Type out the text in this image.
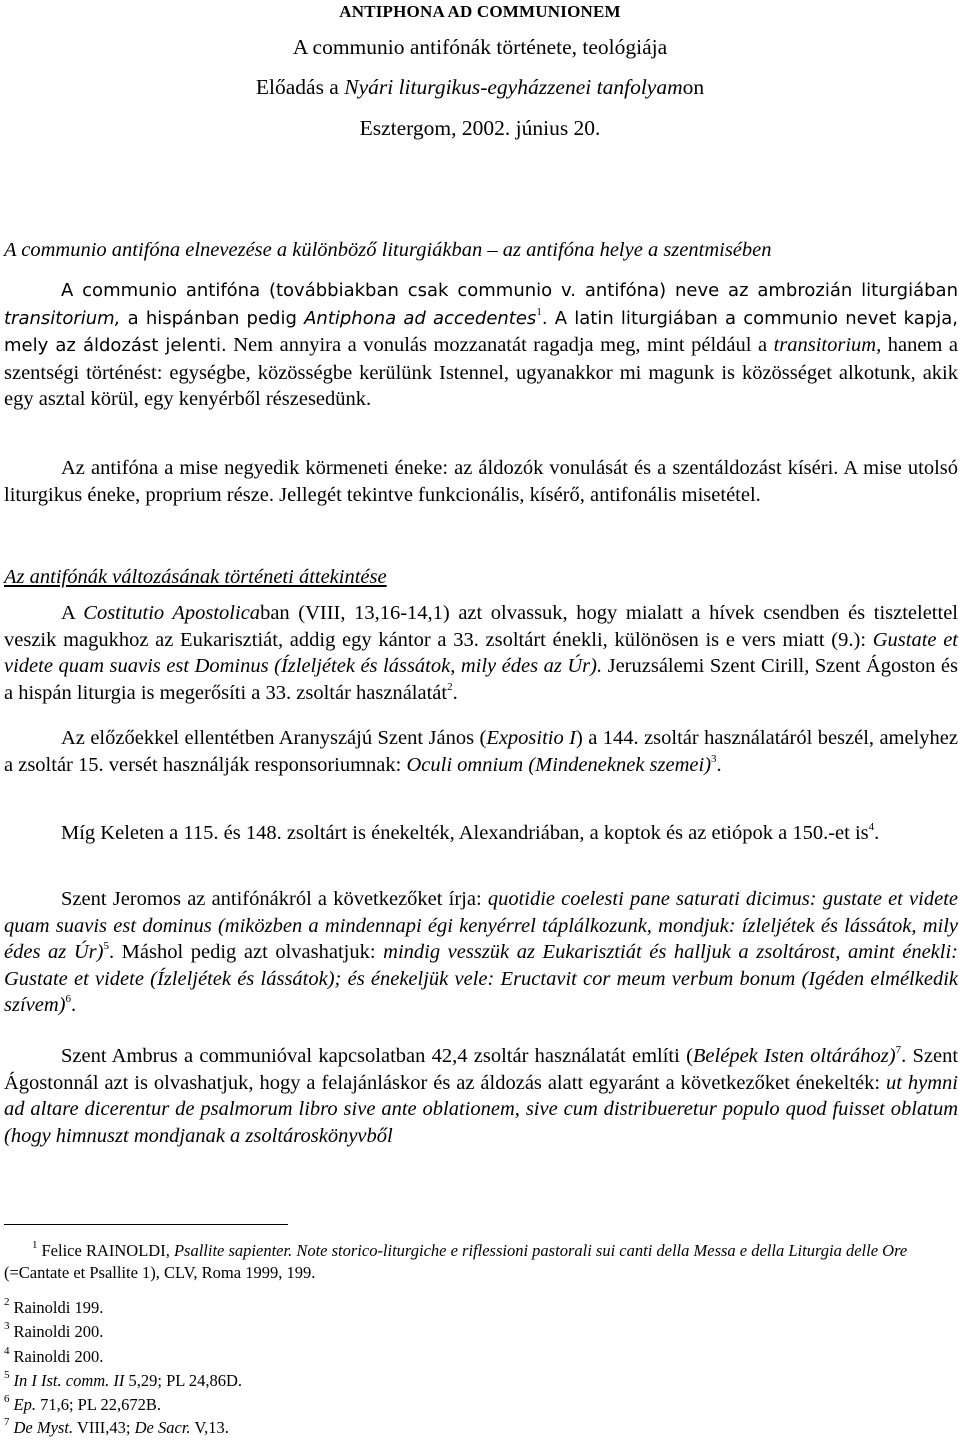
ANTIPHONA AD COMMUNIONEM
A communio antifónák története, teológiája
Előadás a Nyári liturgikus-egyházzenei tanfolyamon
Esztergom, 2002. június 20.
A communio antifóna elnevezése a különböző liturgiákban – az antifóna helye a szentmisében
A communio antifóna (továbbiakban csak communio v. antifóna) neve az ambrozián liturgiában transitorium, a hispánban pedig Antiphona ad accedentes$^1$. A latin liturgiában a communio nevet kapja, mely az áldozást jelenti. Nem annyira a vonulás mozzanatát ragadja meg, mint például a transitorium, hanem a szentségi történést: egységbe, közösségbe kerülünk Istennel, ugyanakkor mi magunk is közösséget alkotunk, akik egy asztal körül, egy kenyérből részesedünk.
Az antifóna a mise negyedik körmeneti éneke: az áldozók vonulását és a szentáldozást kíséri. A mise utolsó liturgikus éneke, proprium része. Jellegét tekintve funkcionális, kísérő, antifonális misetétel.
Az antifónák változásának történeti áttekintése
A Costitutio Apostolicaban (VIII, 13,16-14,1) azt olvassuk, hogy mialatt a hívek csendben és tisztelettel veszik magukhoz az Eukarisztiát, addig egy kántor a 33. zsoltárt énekli, különösen is e vers miatt (9.): Gustate et videte quam suavis est Dominus (Ízleljétek és lássátok, mily édes az Úr). Jeruzsálemi Szent Cirill, Szent Ágoston és a hispán liturgia is megerősíti a 33. zsoltár használatát$^2$.
Az előzőekkel ellentétben Aranyszájú Szent János (Expositio I) a 144. zsoltár használatáról beszél, amelyhez a zsoltár 15. versét használják responsoriumnak: Oculi omnium (Mindeneknek szemei)$^3$.
Míg Keleten a 115. és 148. zsoltárt is énekelték, Alexandriában, a koptok és az etiópok a 150.-et $is^4$.
Szent Jeromos az antifónákról a következőket írja: quotidie coelesti pane saturati dicimus: gustate et videte quam suavis est dominus (miközben a mindennapi égi kenyérrel táplálkozunk, mondjuk: ízleljétek és lássátok, mily édes az Úr)$^5$. Máshol pedig azt olvashatjuk: mindig vesszük az Eukarisztiát és halljuk a zsoltárost, amint énekli: Gustate et videte (Ízleljétek és lássátok); és énekeljük vele: Eructavit cor meum verbum bonum (Igéden elmélkedik szívem)$^6$.
Szent Ambrus a communióval kapcsolatban 42,4 zsoltár használatát említi (Belépek Isten oltárához)$^7$. Szent Ágostonnál azt is olvashatjuk, hogy a felajánláskor és az áldozás alatt egyaránt a következőket énekelték: ut hymni ad altare dicerentur de psalmorum libro sive ante oblationem, sive cum distribueretur populo quod fuisset oblatum (hogy himnuszt mondjanak a zsoltároskönyvből
$^1$ Felice RAINOLDI, Psallite sapienter. Note storico-liturgiche e riflessioni pastorali sui canti della Messa e della Liturgia delle Ore (=Cantate et Psallite 1), CLV, Roma 1999, 199.
$^2$ Rainoldi 199.
$^3$ Rainoldi 200.
$^4$ Rainoldi 200.
$^5$ In I Ist. comm. II 5,29; PL 24,86D.
$^6$ Ep. 71,6; PL 22,672B.
$^7$ De Myst. VIII,43; De Sacr. V,13.
